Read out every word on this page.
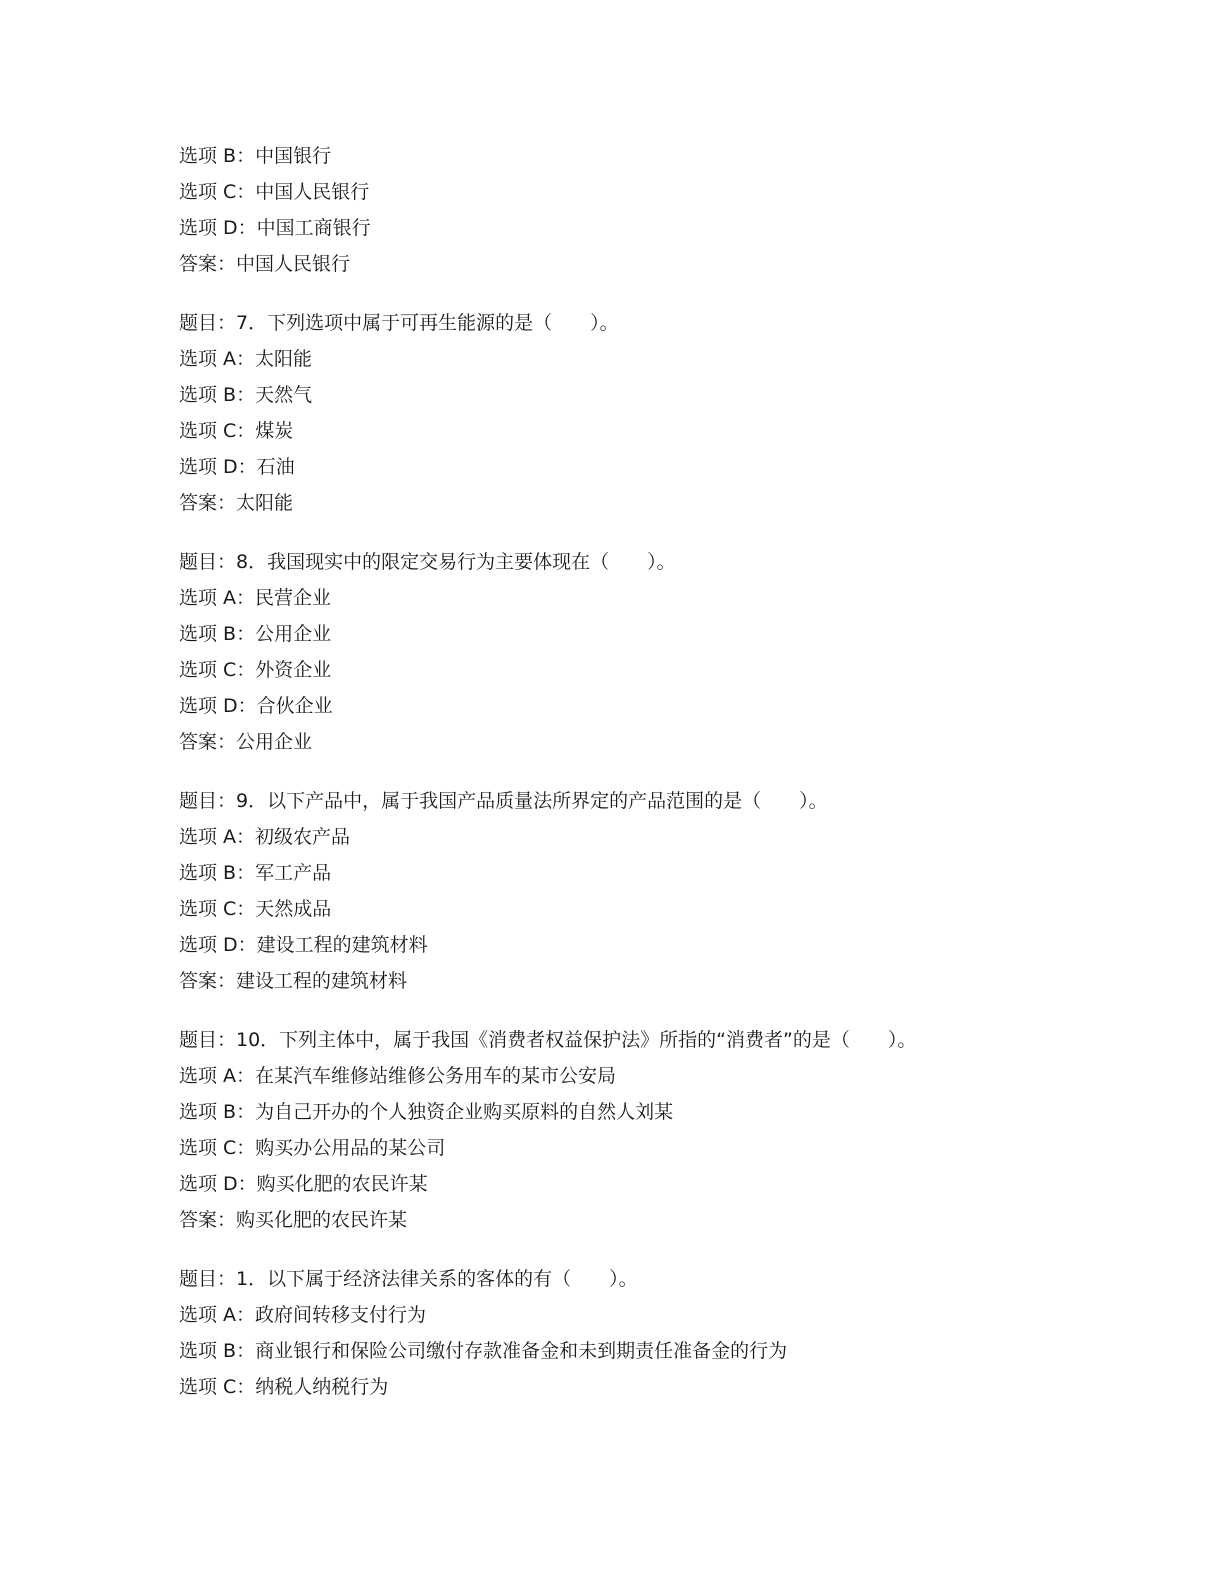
选项 B：中国银行
选项 C：中国人民银行
选项 D：中国工商银行
答案：中国人民银行
题目：7．下列选项中属于可再生能源的是（　　）。
选项 A：太阳能
选项 B：天然气
选项 C：煤炭
选项 D：石油
答案：太阳能
题目：8．我国现实中的限定交易行为主要体现在（　　）。
选项 A：民营企业
选项 B：公用企业
选项 C：外资企业
选项 D：合伙企业
答案：公用企业
题目：9．以下产品中，属于我国产品质量法所界定的产品范围的是（　　）。
选项 A：初级农产品
选项 B：军工产品
选项 C：天然成品
选项 D：建设工程的建筑材料
答案：建设工程的建筑材料
题目：10．下列主体中，属于我国《消费者权益保护法》所指的“消费者”的是（　　）。
选项 A：在某汽车维修站维修公务用车的某市公安局
选项 B：为自己开办的个人独资企业购买原料的自然人刘某
选项 C：购买办公用品的某公司
选项 D：购买化肥的农民许某
答案：购买化肥的农民许某
题目：1．以下属于经济法律关系的客体的有（　　）。
选项 A：政府间转移支付行为
选项 B：商业银行和保险公司缴付存款准备金和未到期责任准备金的行为
选项 C：纳税人纳税行为
